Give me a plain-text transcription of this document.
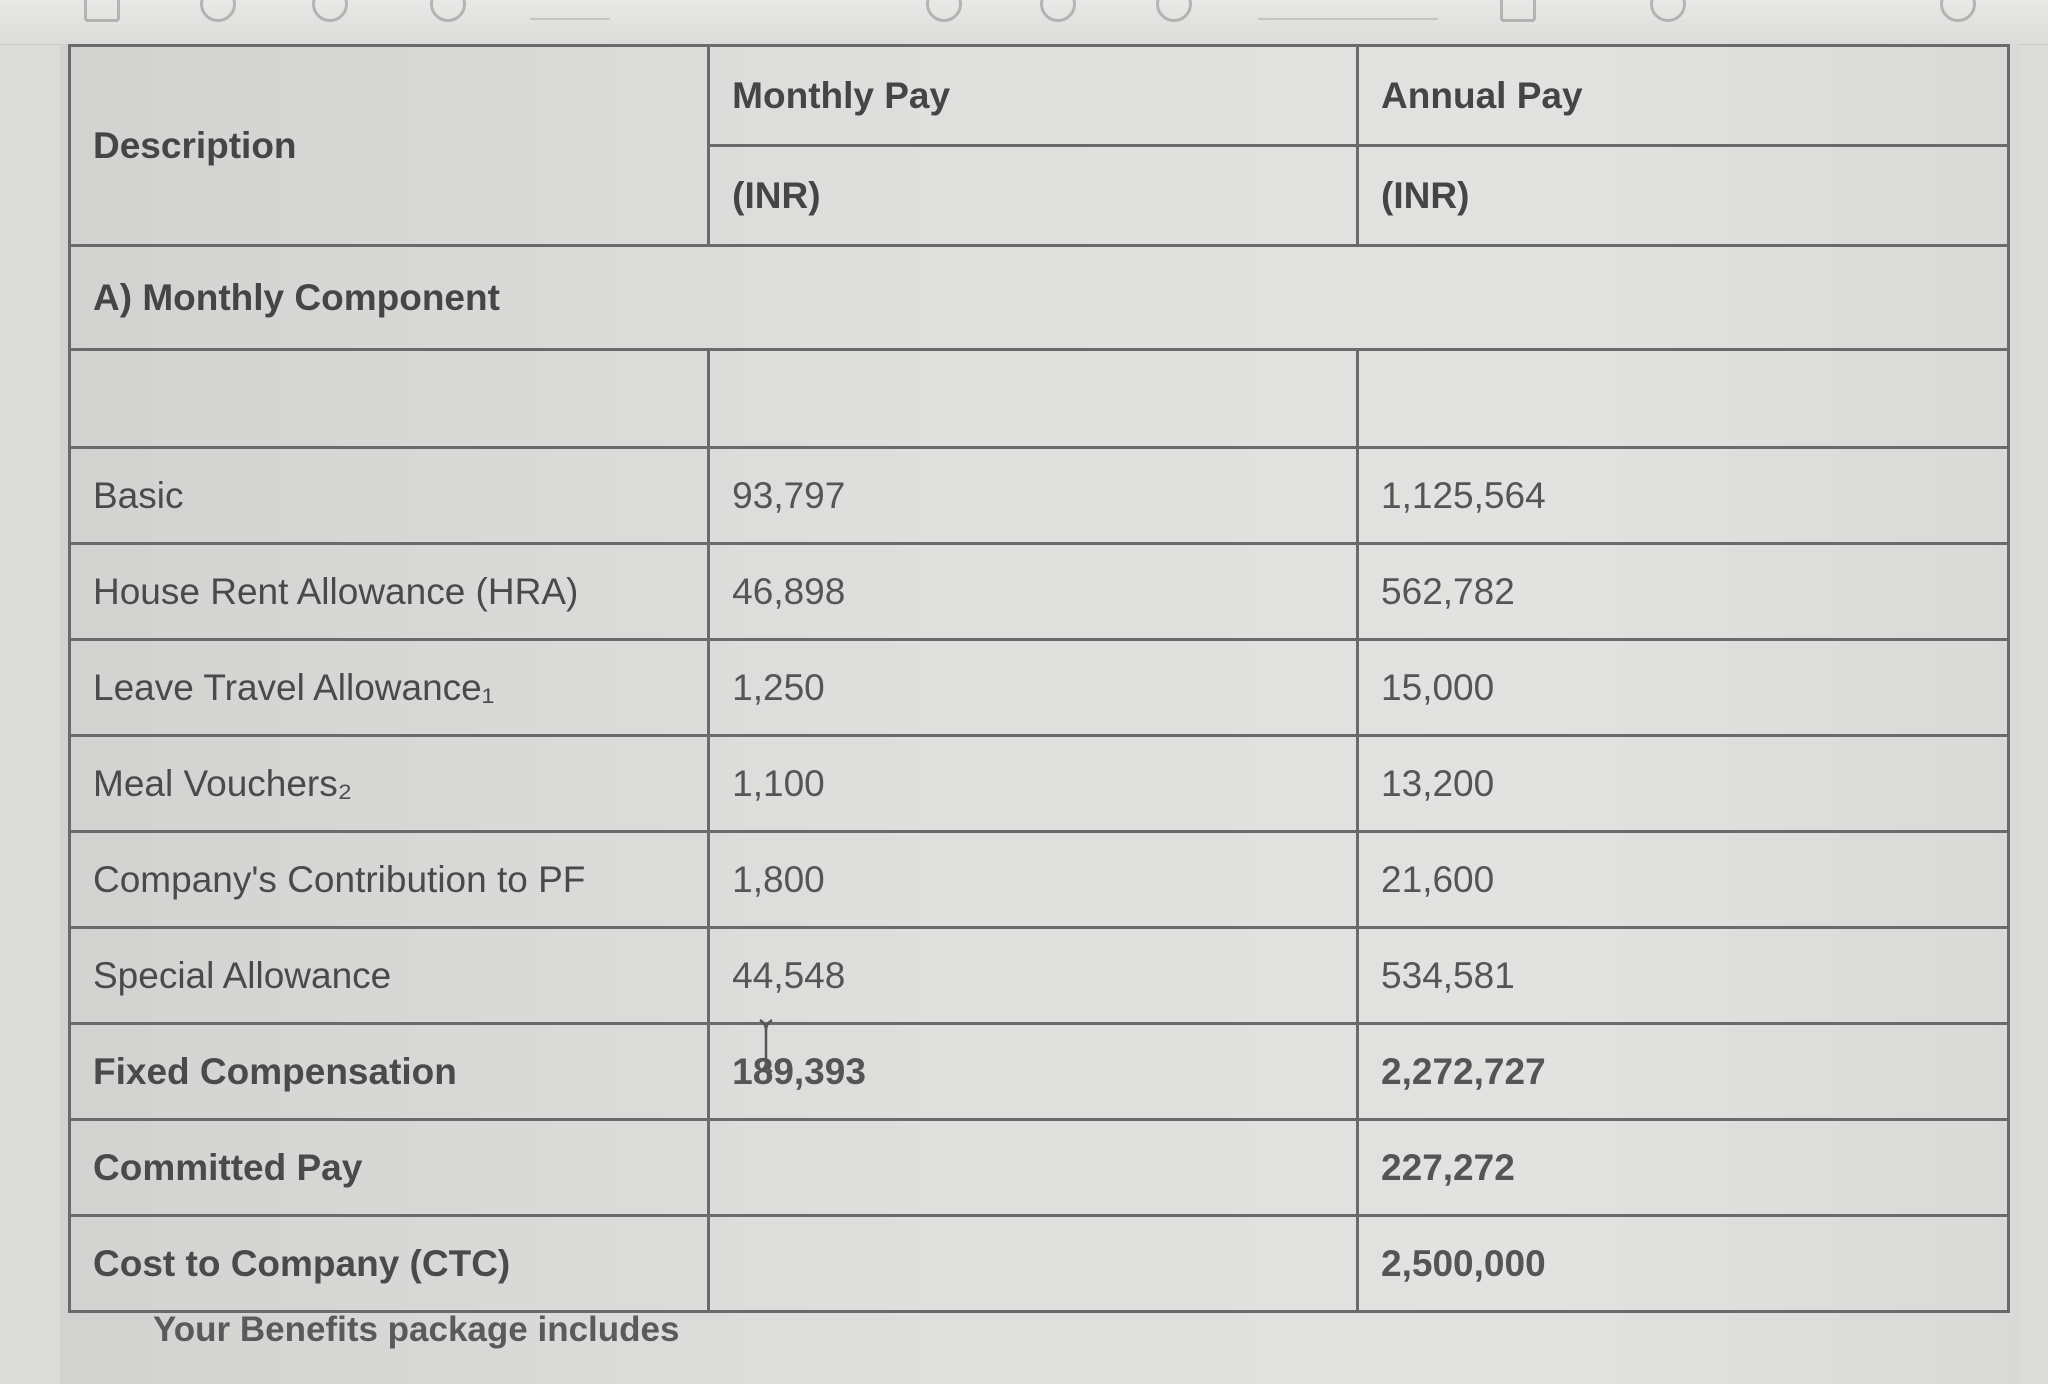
Description	Monthly Pay	Annual Pay
	(INR)	(INR)
A) Monthly Component		

Basic	93,797	1,125,564
House Rent Allowance (HRA)	46,898	562,782
Leave Travel Allowance₁	1,250	15,000
Meal Vouchers₂	1,100	13,200
Company's Contribution to PF	1,800	21,600
Special Allowance	44,548	534,581
Fixed Compensation	189,393	2,272,727
Committed Pay		227,272
Cost to Company (CTC)		2,500,000
Your Benefits package includes
